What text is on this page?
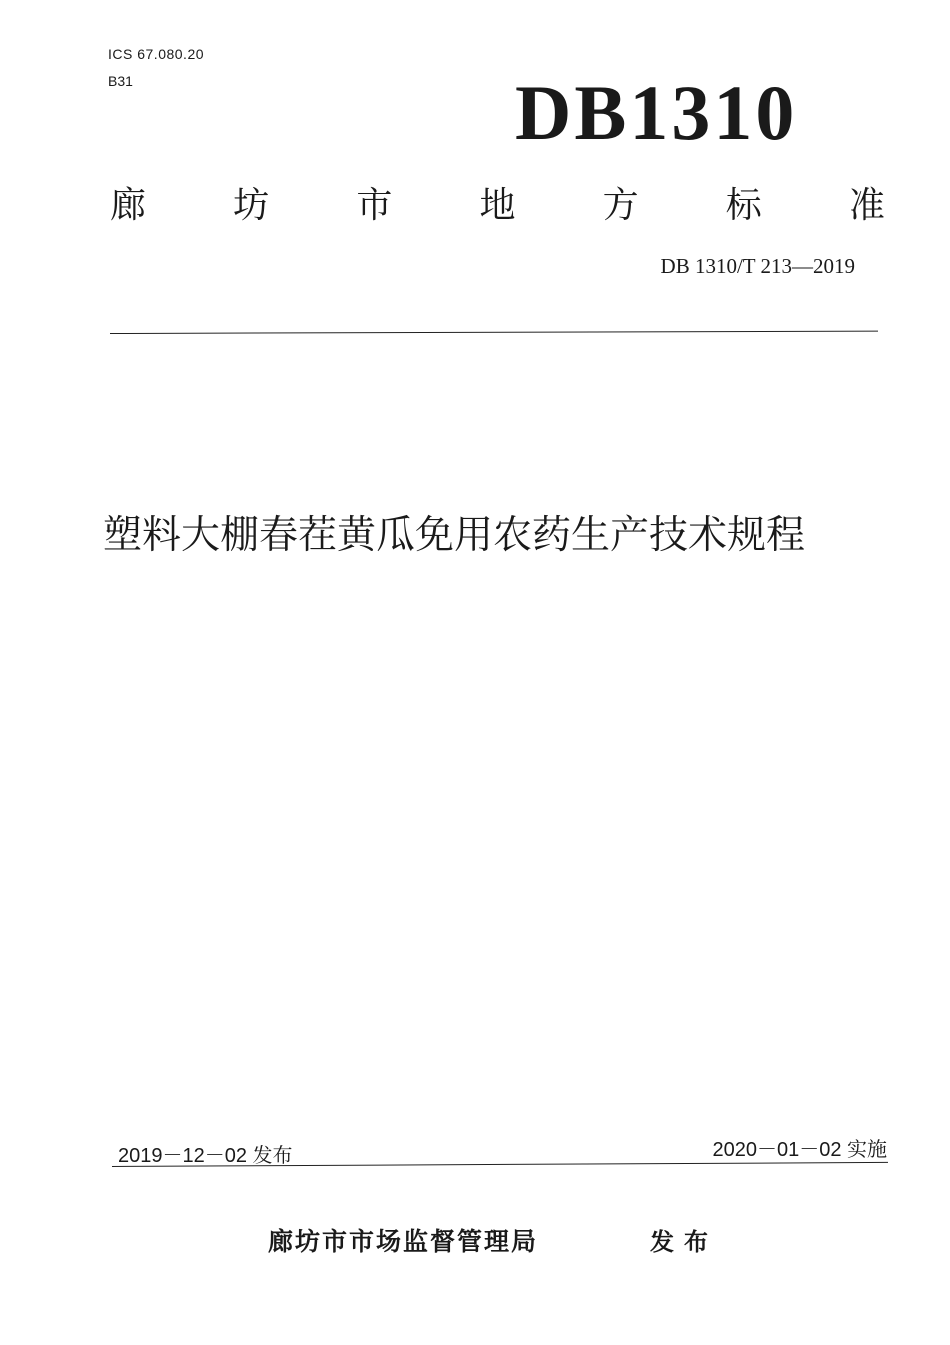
ICS 67.080.20
B31	DB1310
廊 坊 市 地 方 标 准
DB 1310/T 213—2019
塑料大棚春茬黄瓜免用农药生产技术规程
2019－12－02 发布	2020－01－02 实施
廊坊市市场监督管理局	发布
